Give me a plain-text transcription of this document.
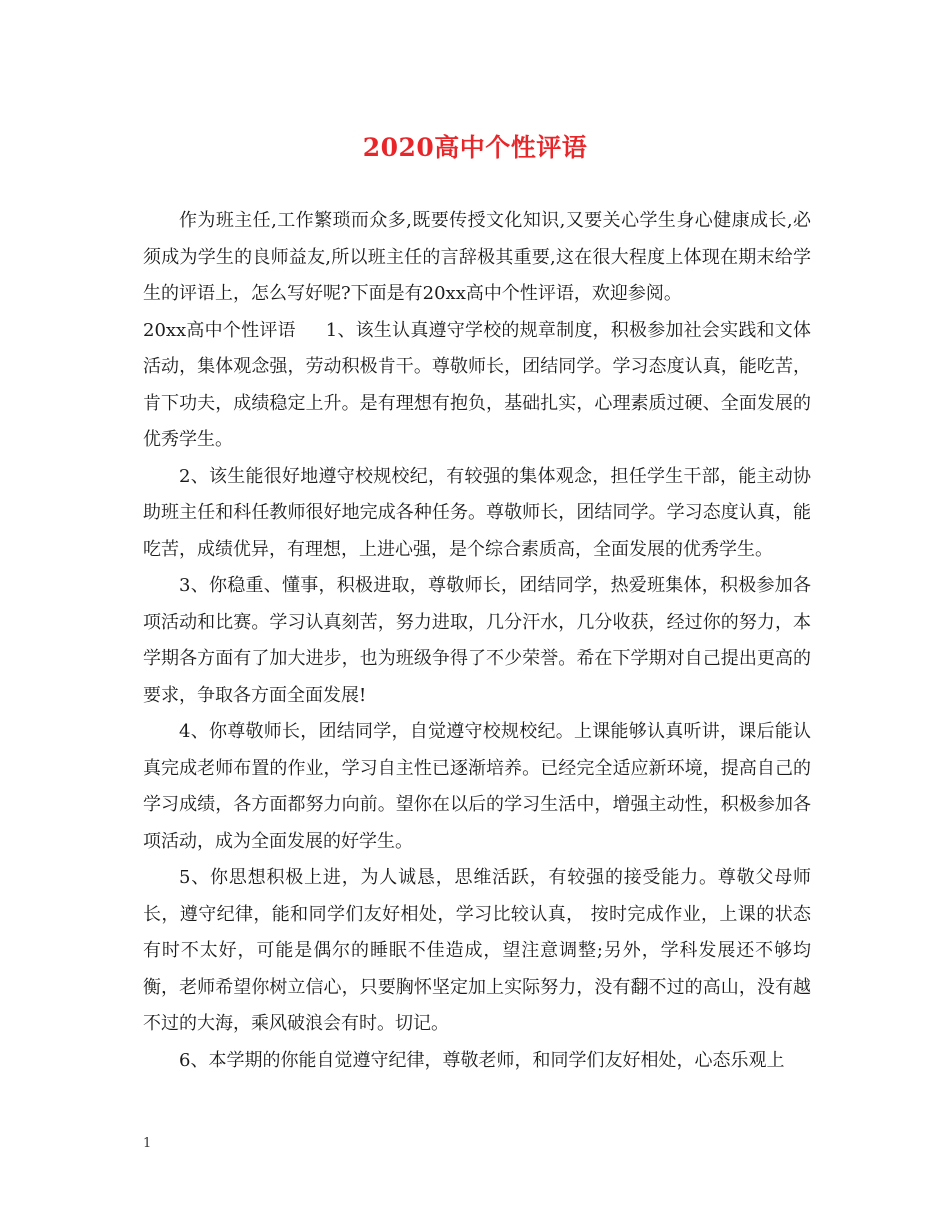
2020高中个性评语

作为班主任,工作繁琐而众多,既要传授文化知识,又要关心学生身心健康成长,必须成为学生的良师益友,所以班主任的言辞极其重要,这在很大程度上体现在期末给学生的评语上，怎么写好呢?下面是有20xx高中个性评语，欢迎参阅。

20xx高中个性评语 1、该生认真遵守学校的规章制度，积极参加社会实践和文体活动，集体观念强，劳动积极肯干。尊敬师长，团结同学。学习态度认真，能吃苦，肯下功夫，成绩稳定上升。是有理想有抱负，基础扎实，心理素质过硬、全面发展的优秀学生。

2、该生能很好地遵守校规校纪，有较强的集体观念，担任学生干部，能主动协助班主任和科任教师很好地完成各种任务。尊敬师长，团结同学。学习态度认真，能吃苦，成绩优异，有理想，上进心强，是个综合素质高，全面发展的优秀学生。

3、你稳重、懂事，积极进取，尊敬师长，团结同学，热爱班集体，积极参加各项活动和比赛。学习认真刻苦，努力进取，几分汗水，几分收获，经过你的努力，本学期各方面有了加大进步，也为班级争得了不少荣誉。希在下学期对自己提出更高的要求，争取各方面全面发展!

4、你尊敬师长，团结同学，自觉遵守校规校纪。上课能够认真听讲，课后能认真完成老师布置的作业，学习自主性已逐渐培养。已经完全适应新环境，提高自己的学习成绩，各方面都努力向前。望你在以后的学习生活中，增强主动性，积极参加各项活动，成为全面发展的好学生。

5、你思想积极上进，为人诚恳，思维活跃，有较强的接受能力。尊敬父母师长，遵守纪律，能和同学们友好相处，学习比较认真， 按时完成作业，上课的状态有时不太好，可能是偶尔的睡眠不佳造成，望注意调整;另外，学科发展还不够均衡，老师希望你树立信心，只要胸怀坚定加上实际努力，没有翻不过的高山，没有越不过的大海，乘风破浪会有时。切记。

6、本学期的你能自觉遵守纪律，尊敬老师，和同学们友好相处，心态乐观上

1
